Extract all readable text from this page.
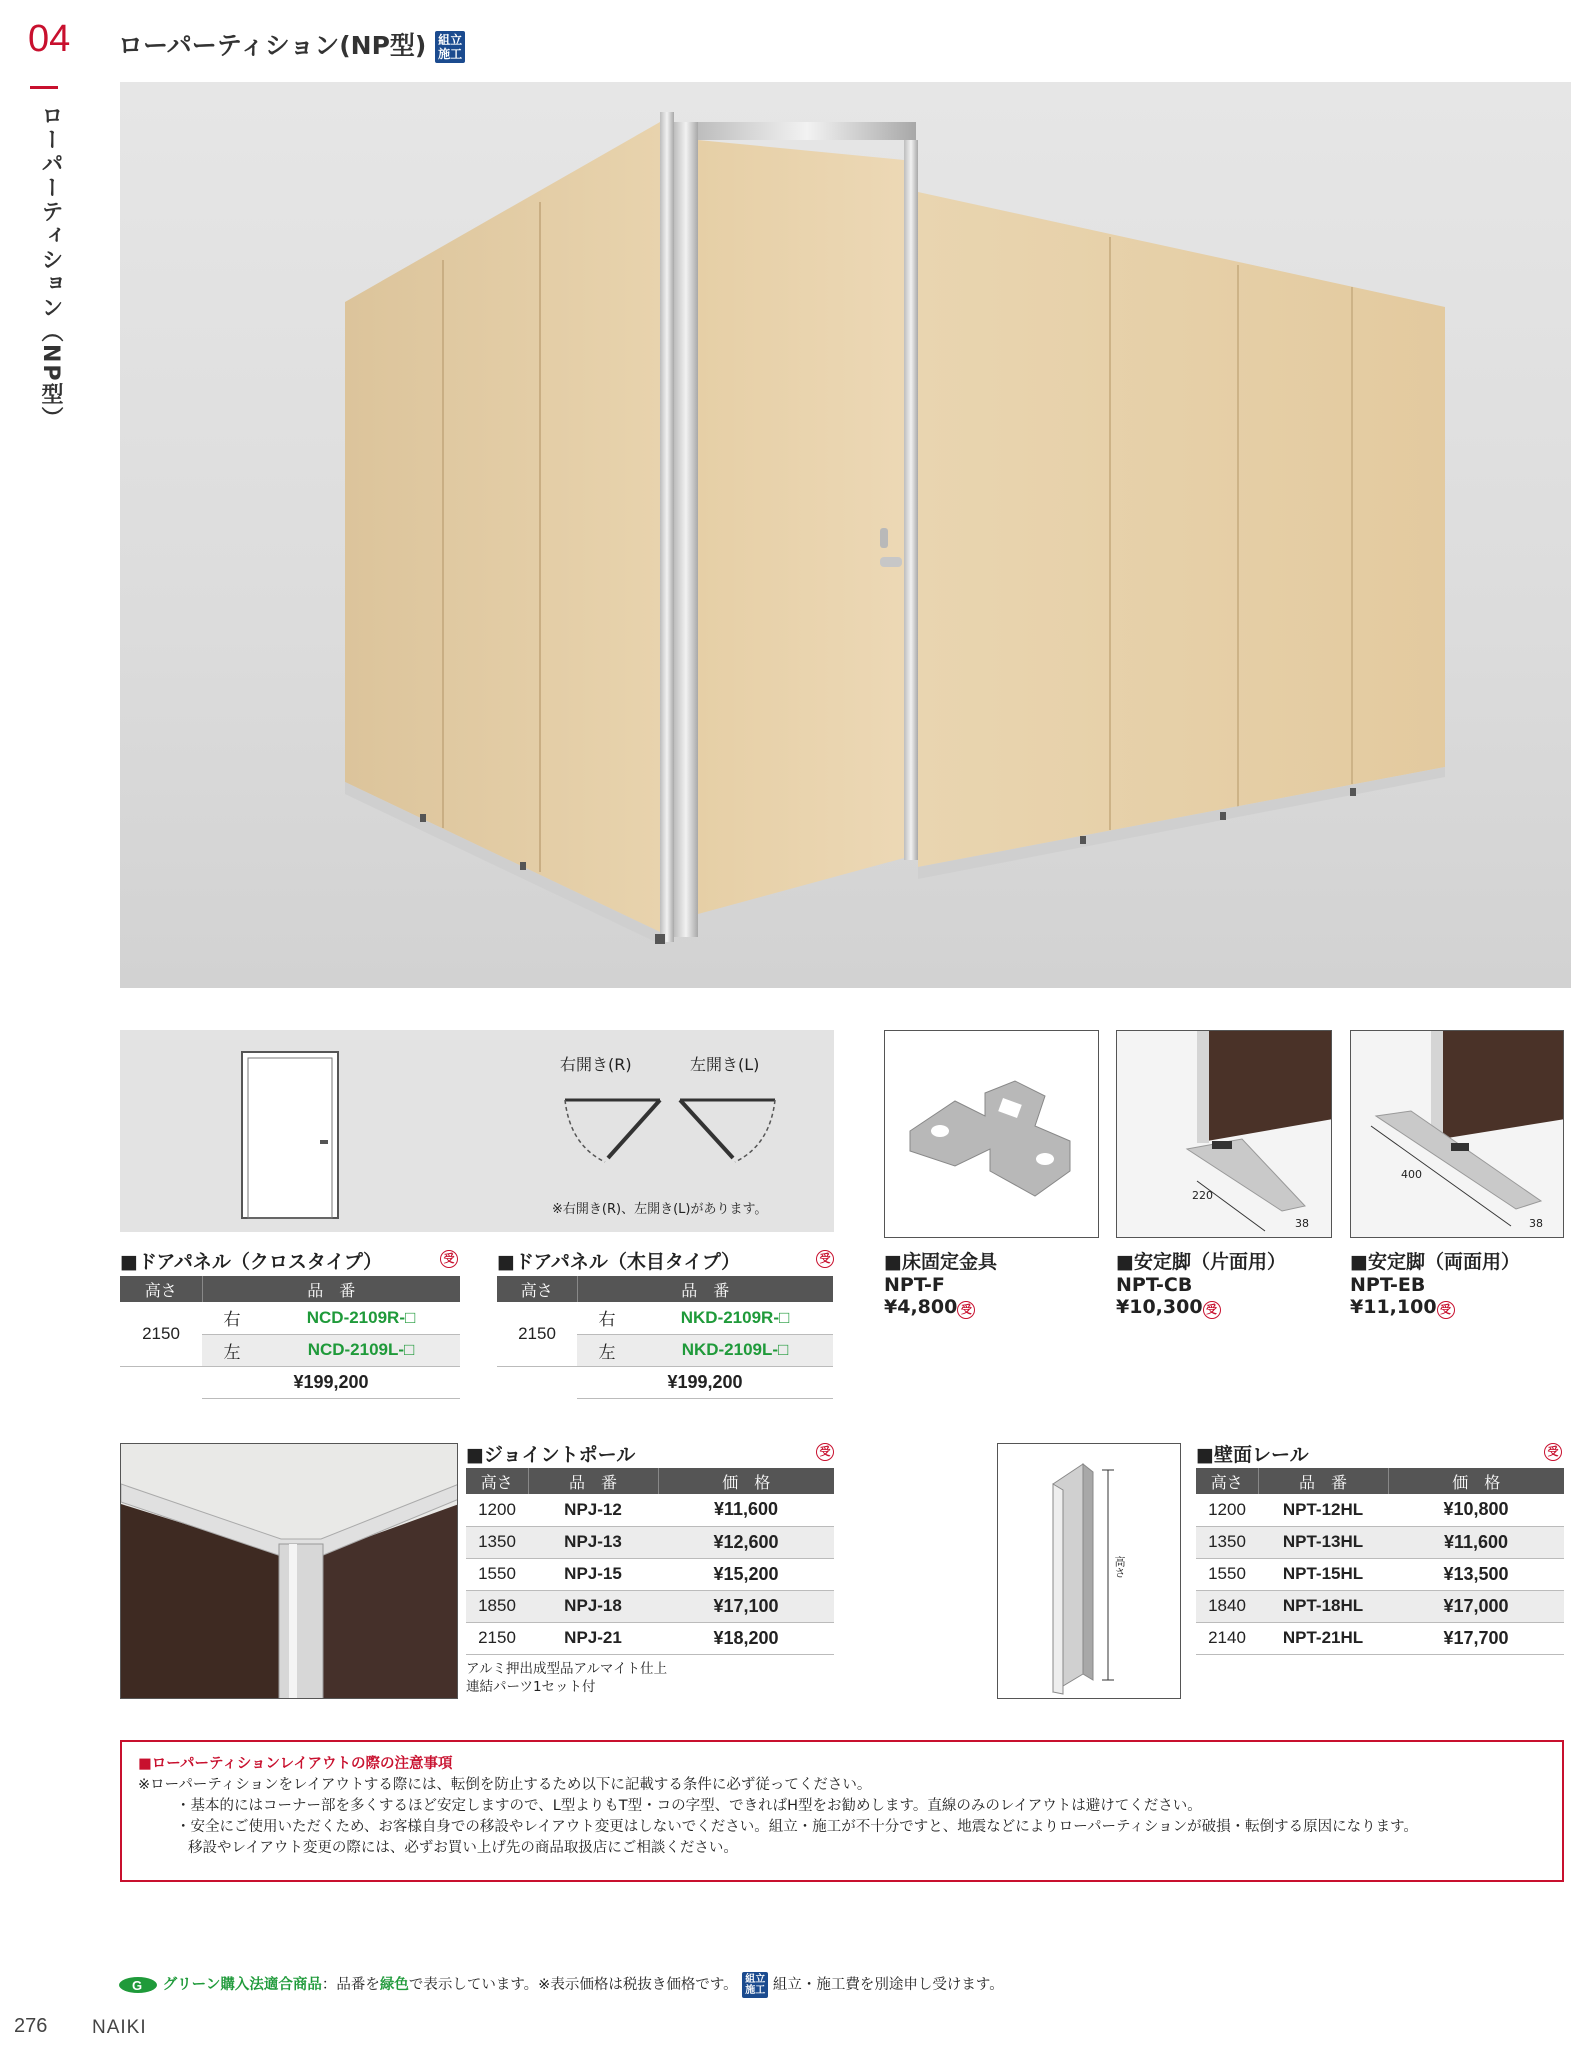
04
ローパーティション（NP型）
ローパーティション(NP型) 組立
施工
右開き(R)	左開き(L)
※右開き(R)、左開き(L)があります。
■ドアパネル（クロスタイプ）	受
高さ	品　番	
2150	右	NCD-2109R-□
	左	NCD-2109L-□
	¥199,200	
■ドアパネル（木目タイプ）	受
高さ	品　番	
2150	右	NKD-2109R-□
	左	NKD-2109L-□
	¥199,200	
220
38
400
38
■床固定金具
NPT-F
¥4,800 受
■安定脚（片面用）
NPT-CB
¥10,300 受
■安定脚（両面用）
NPT-EB
¥11,100 受
■ジョイントポール	受
高さ	品　番	価　格
1200	NPJ-12	¥11,600
1350	NPJ-13	¥12,600
1550	NPJ-15	¥15,200
1850	NPJ-18	¥17,100
2150	NPJ-21	¥18,200
アルミ押出成型品アルマイト仕上
連結パーツ1セット付
高さ
■壁面レール	受
高さ	品　番	価　格
1200	NPT-12HL	¥10,800
1350	NPT-13HL	¥11,600
1550	NPT-15HL	¥13,500
1840	NPT-18HL	¥17,000
2140	NPT-21HL	¥17,700
■ローパーティションレイアウトの際の注意事項
※ローパーティションをレイアウトする際には、転倒を防止するため以下に記載する条件に必ず従ってください。
・基本的にはコーナー部を多くするほど安定しますので、L型よりもT型・コの字型、できればH型をお勧めします。直線のみのレイアウトは避けてください。
・安全にご使用いただくため、お客様自身での移設やレイアウト変更はしないでください。組立・施工が不十分ですと、地震などによりローパーティションが破損・転倒する原因になります。
移設やレイアウト変更の際には、必ずお買い上げ先の商品取扱店にご相談ください。
G グリーン購入法適合商品：品番を緑色で表示しています。※表示価格は税抜き価格です。 組立
施工 組立・施工費を別途申し受けます。
276 NAIKI
